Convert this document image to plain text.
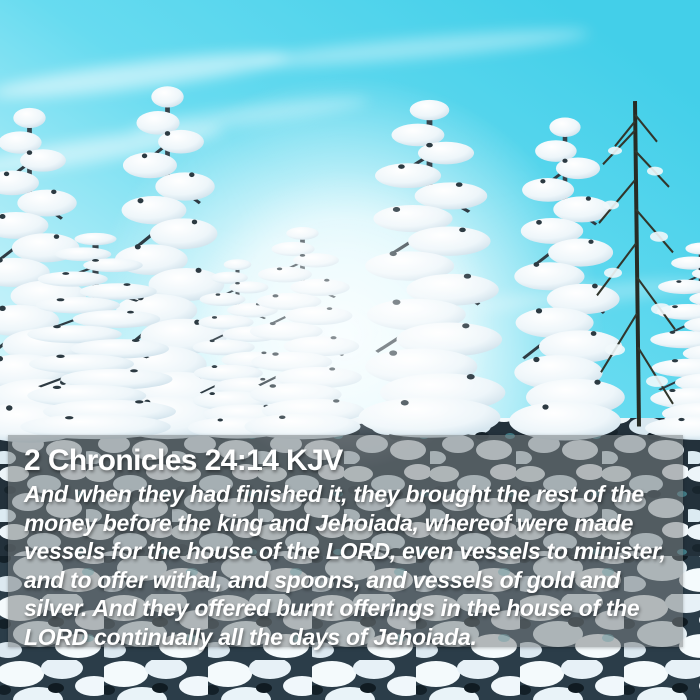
2 Chronicles 24:14 KJV
And when they had finished it, they brought the rest of the
money before the king and Jehoiada, whereof were made
vessels for the house of the LORD, even vessels to minister,
and to offer withal, and spoons, and vessels of gold and
silver. And they offered burnt offerings in the house of the
LORD continually all the days of Jehoiada.
